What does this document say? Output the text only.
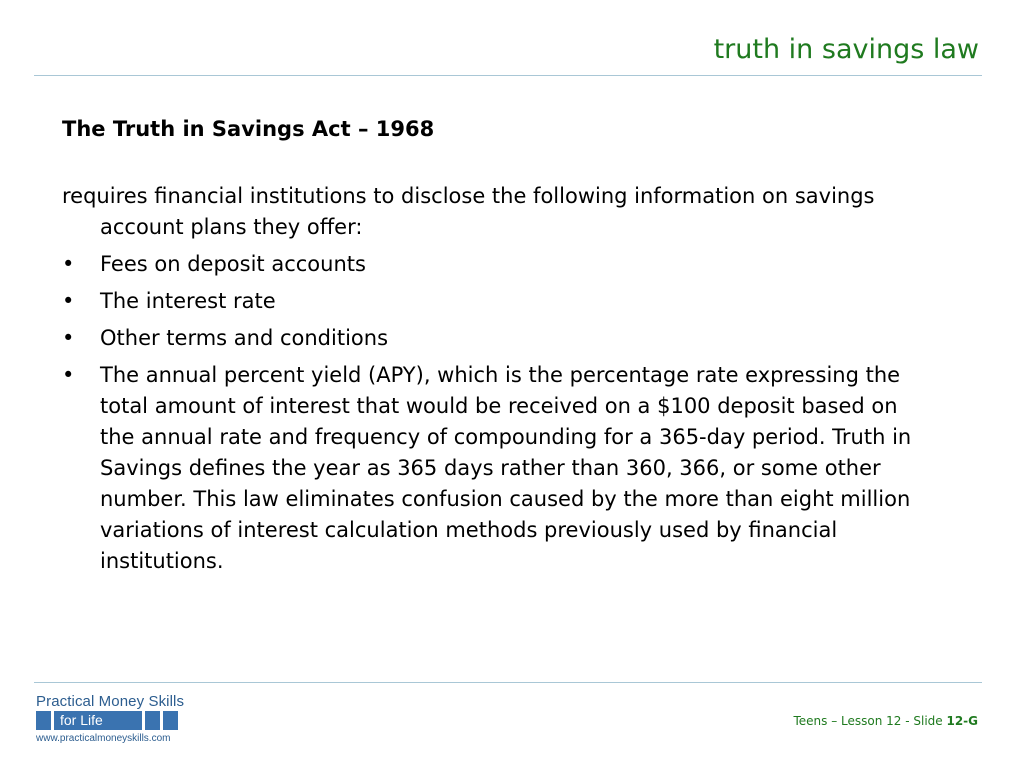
truth in savings law
The Truth in Savings Act – 1968
requires financial institutions to disclose the following information on savings account plans they offer:
• Fees on deposit accounts
• The interest rate
• Other terms and conditions
• The annual percent yield (APY), which is the percentage rate expressing the total amount of interest that would be received on a $100 deposit based on the annual rate and frequency of compounding for a 365-day period. Truth in Savings defines the year as 365 days rather than 360, 366, or some other number. This law eliminates confusion caused by the more than eight million variations of interest calculation methods previously used by financial institutions.
Practical Money Skills
for Life
www.practicalmoneyskills.com
Teens – Lesson 12 - Slide 12-G
